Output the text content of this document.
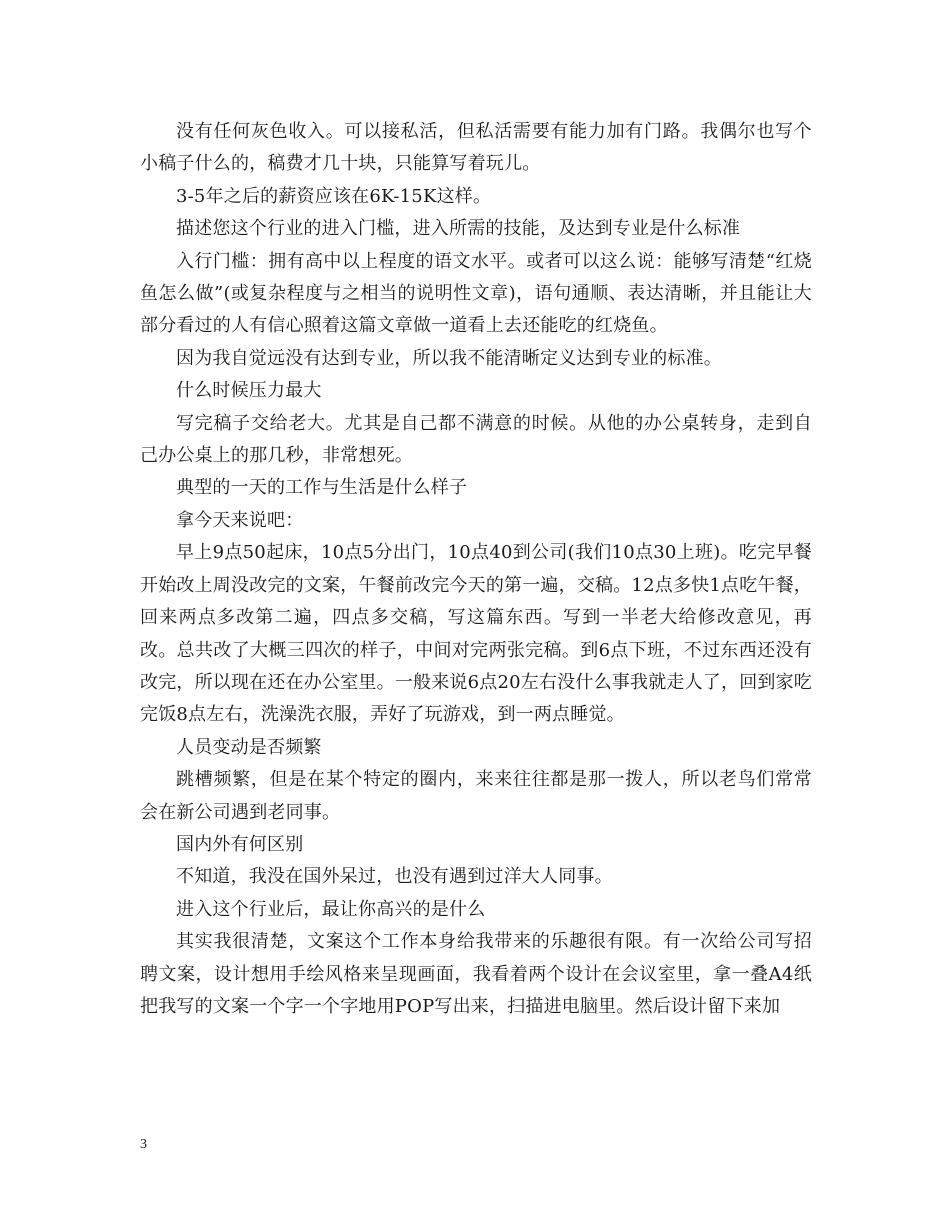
没有任何灰色收入。可以接私活，但私活需要有能力加有门路。我偶尔也写个小稿子什么的，稿费才几十块，只能算写着玩儿。

3-5年之后的薪资应该在6K-15K这样。

描述您这个行业的进入门槛，进入所需的技能，及达到专业是什么标准

入行门槛：拥有高中以上程度的语文水平。或者可以这么说：能够写清楚“红烧鱼怎么做”(或复杂程度与之相当的说明性文章)，语句通顺、表达清晰，并且能让大部分看过的人有信心照着这篇文章做一道看上去还能吃的红烧鱼。

因为我自觉远没有达到专业，所以我不能清晰定义达到专业的标准。

什么时候压力最大

写完稿子交给老大。尤其是自己都不满意的时候。从他的办公桌转身，走到自己办公桌上的那几秒，非常想死。

典型的一天的工作与生活是什么样子

拿今天来说吧：

早上9点50起床，10点5分出门，10点40到公司(我们10点30上班)。吃完早餐开始改上周没改完的文案，午餐前改完今天的第一遍，交稿。12点多快1点吃午餐，回来两点多改第二遍，四点多交稿，写这篇东西。写到一半老大给修改意见，再改。总共改了大概三四次的样子，中间对完两张完稿。到6点下班，不过东西还没有改完，所以现在还在办公室里。一般来说6点20左右没什么事我就走人了，回到家吃完饭8点左右，洗澡洗衣服，弄好了玩游戏，到一两点睡觉。

人员变动是否频繁

跳槽频繁，但是在某个特定的圈内，来来往往都是那一拨人，所以老鸟们常常会在新公司遇到老同事。

国内外有何区别

不知道，我没在国外呆过，也没有遇到过洋大人同事。

进入这个行业后，最让你高兴的是什么

其实我很清楚，文案这个工作本身给我带来的乐趣很有限。有一次给公司写招聘文案，设计想用手绘风格来呈现画面，我看着两个设计在会议室里，拿一叠A4纸把我写的文案一个字一个字地用POP写出来，扫描进电脑里。然后设计留下来加

3
